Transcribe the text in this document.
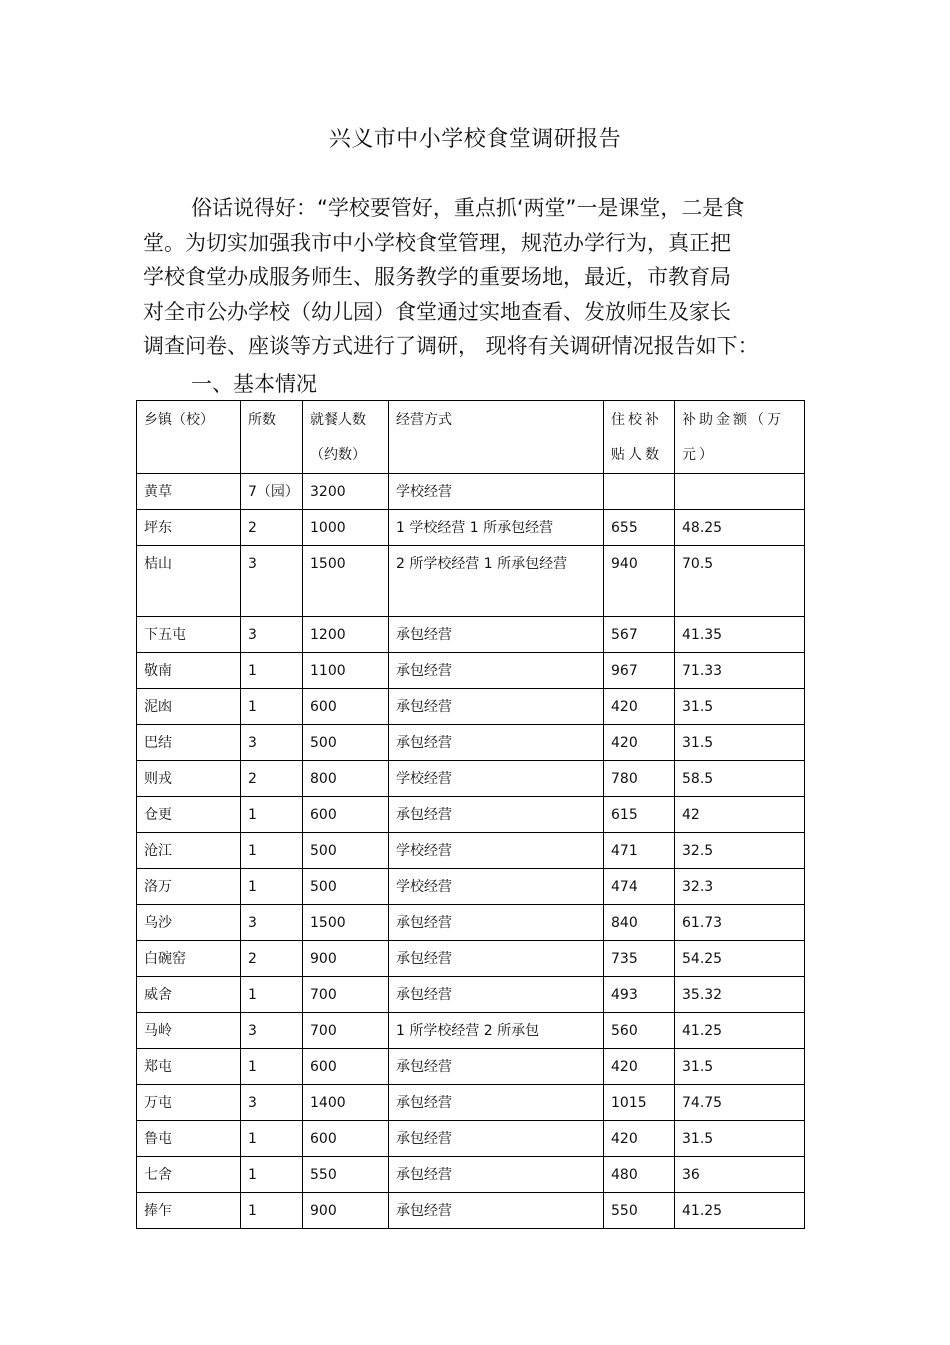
兴义市中小学校食堂调研报告
俗话说得好：“学校要管好，重点抓‘两堂”一是课堂，二是食
堂。为切实加强我市中小学校食堂管理，规范办学行为，真正把
学校食堂办成服务师生、服务教学的重要场地，最近，市教育局
对全市公办学校（幼儿园）食堂通过实地查看、发放师生及家长
调查问卷、座谈等方式进行了调研， 现将有关调研情况报告如下：
一、基本情况
乡镇（校）	所数	就餐人数（约数）	经营方式	住校补贴人数	补助金额（万元）
黄草	7（园）	3200	学校经营		
坪东	2	1000	1 学校经营 1 所承包经营	655	48.25

桔山	3	1500	2 所学校经营 1 所承包经营	940	70.5

下五屯	3	1200	承包经营	567	41.35
敬南	1	1100	承包经营	967	71.33
泥凼	1	600	承包经营	420	31.5
巴结	3	500	承包经营	420	31.5
则戎	2	800	学校经营	780	58.5
仓更	1	600	承包经营	615	42
沧江	1	500	学校经营	471	32.5
洛万	1	500	学校经营	474	32.3
乌沙	3	1500	承包经营	840	61.73
白碗窑	2	900	承包经营	735	54.25
威舍	1	700	承包经营	493	35.32
马岭	3	700	1 所学校经营 2 所承包	560	41.25
郑屯	1	600	承包经营	420	31.5
万屯	3	1400	承包经营	1015	74.75
鲁屯	1	600	承包经营	420	31.5
七舍	1	550	承包经营	480	36
捧乍	1	900	承包经营	550	41.25
